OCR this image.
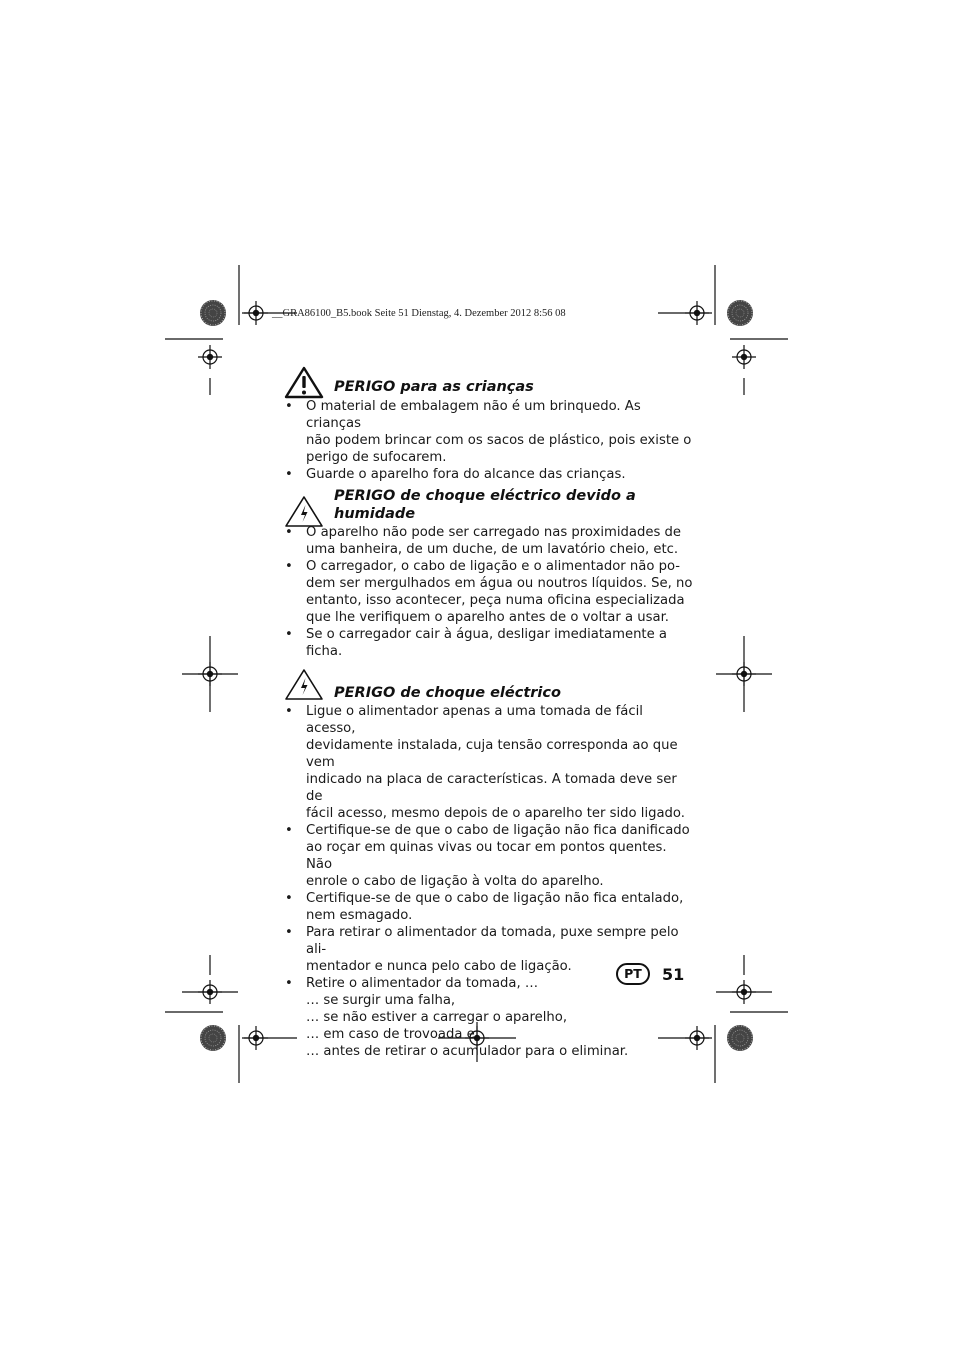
__GRA86100_B5.book Seite 51 Dienstag, 4. Dezember 2012 8:56 08
PERIGO para as crianças
• O material de embalagem não é um brinquedo. As crianças
não podem brincar com os sacos de plástico, pois existe o
perigo de sufocarem.
• Guarde o aparelho fora do alcance das crianças.
PERIGO de choque eléctrico devido a
humidade
• O aparelho não pode ser carregado nas proximidades de
uma banheira, de um duche, de um lavatório cheio, etc.
• O carregador, o cabo de ligação e o alimentador não po-
dem ser mergulhados em água ou noutros líquidos. Se, no
entanto, isso acontecer, peça numa oficina especializada
que lhe verifiquem o aparelho antes de o voltar a usar.
• Se o carregador cair à água, desligar imediatamente a ficha.
PERIGO de choque eléctrico
• Ligue o alimentador apenas a uma tomada de fácil acesso,
devidamente instalada, cuja tensão corresponda ao que vem
indicado na placa de características. A tomada deve ser de
fácil acesso, mesmo depois de o aparelho ter sido ligado.
• Certifique-se de que o cabo de ligação não fica danificado
ao roçar em quinas vivas ou tocar em pontos quentes. Não
enrole o cabo de ligação à volta do aparelho.
• Certifique-se de que o cabo de ligação não fica entalado,
nem esmagado.
• Para retirar o alimentador da tomada, puxe sempre pelo ali-
mentador e nunca pelo cabo de ligação.
• Retire o alimentador da tomada, …
… se surgir uma falha,
… se não estiver a carregar o aparelho,
… em caso de trovoada e
… antes de retirar o acumulador para o eliminar.
PT	51
